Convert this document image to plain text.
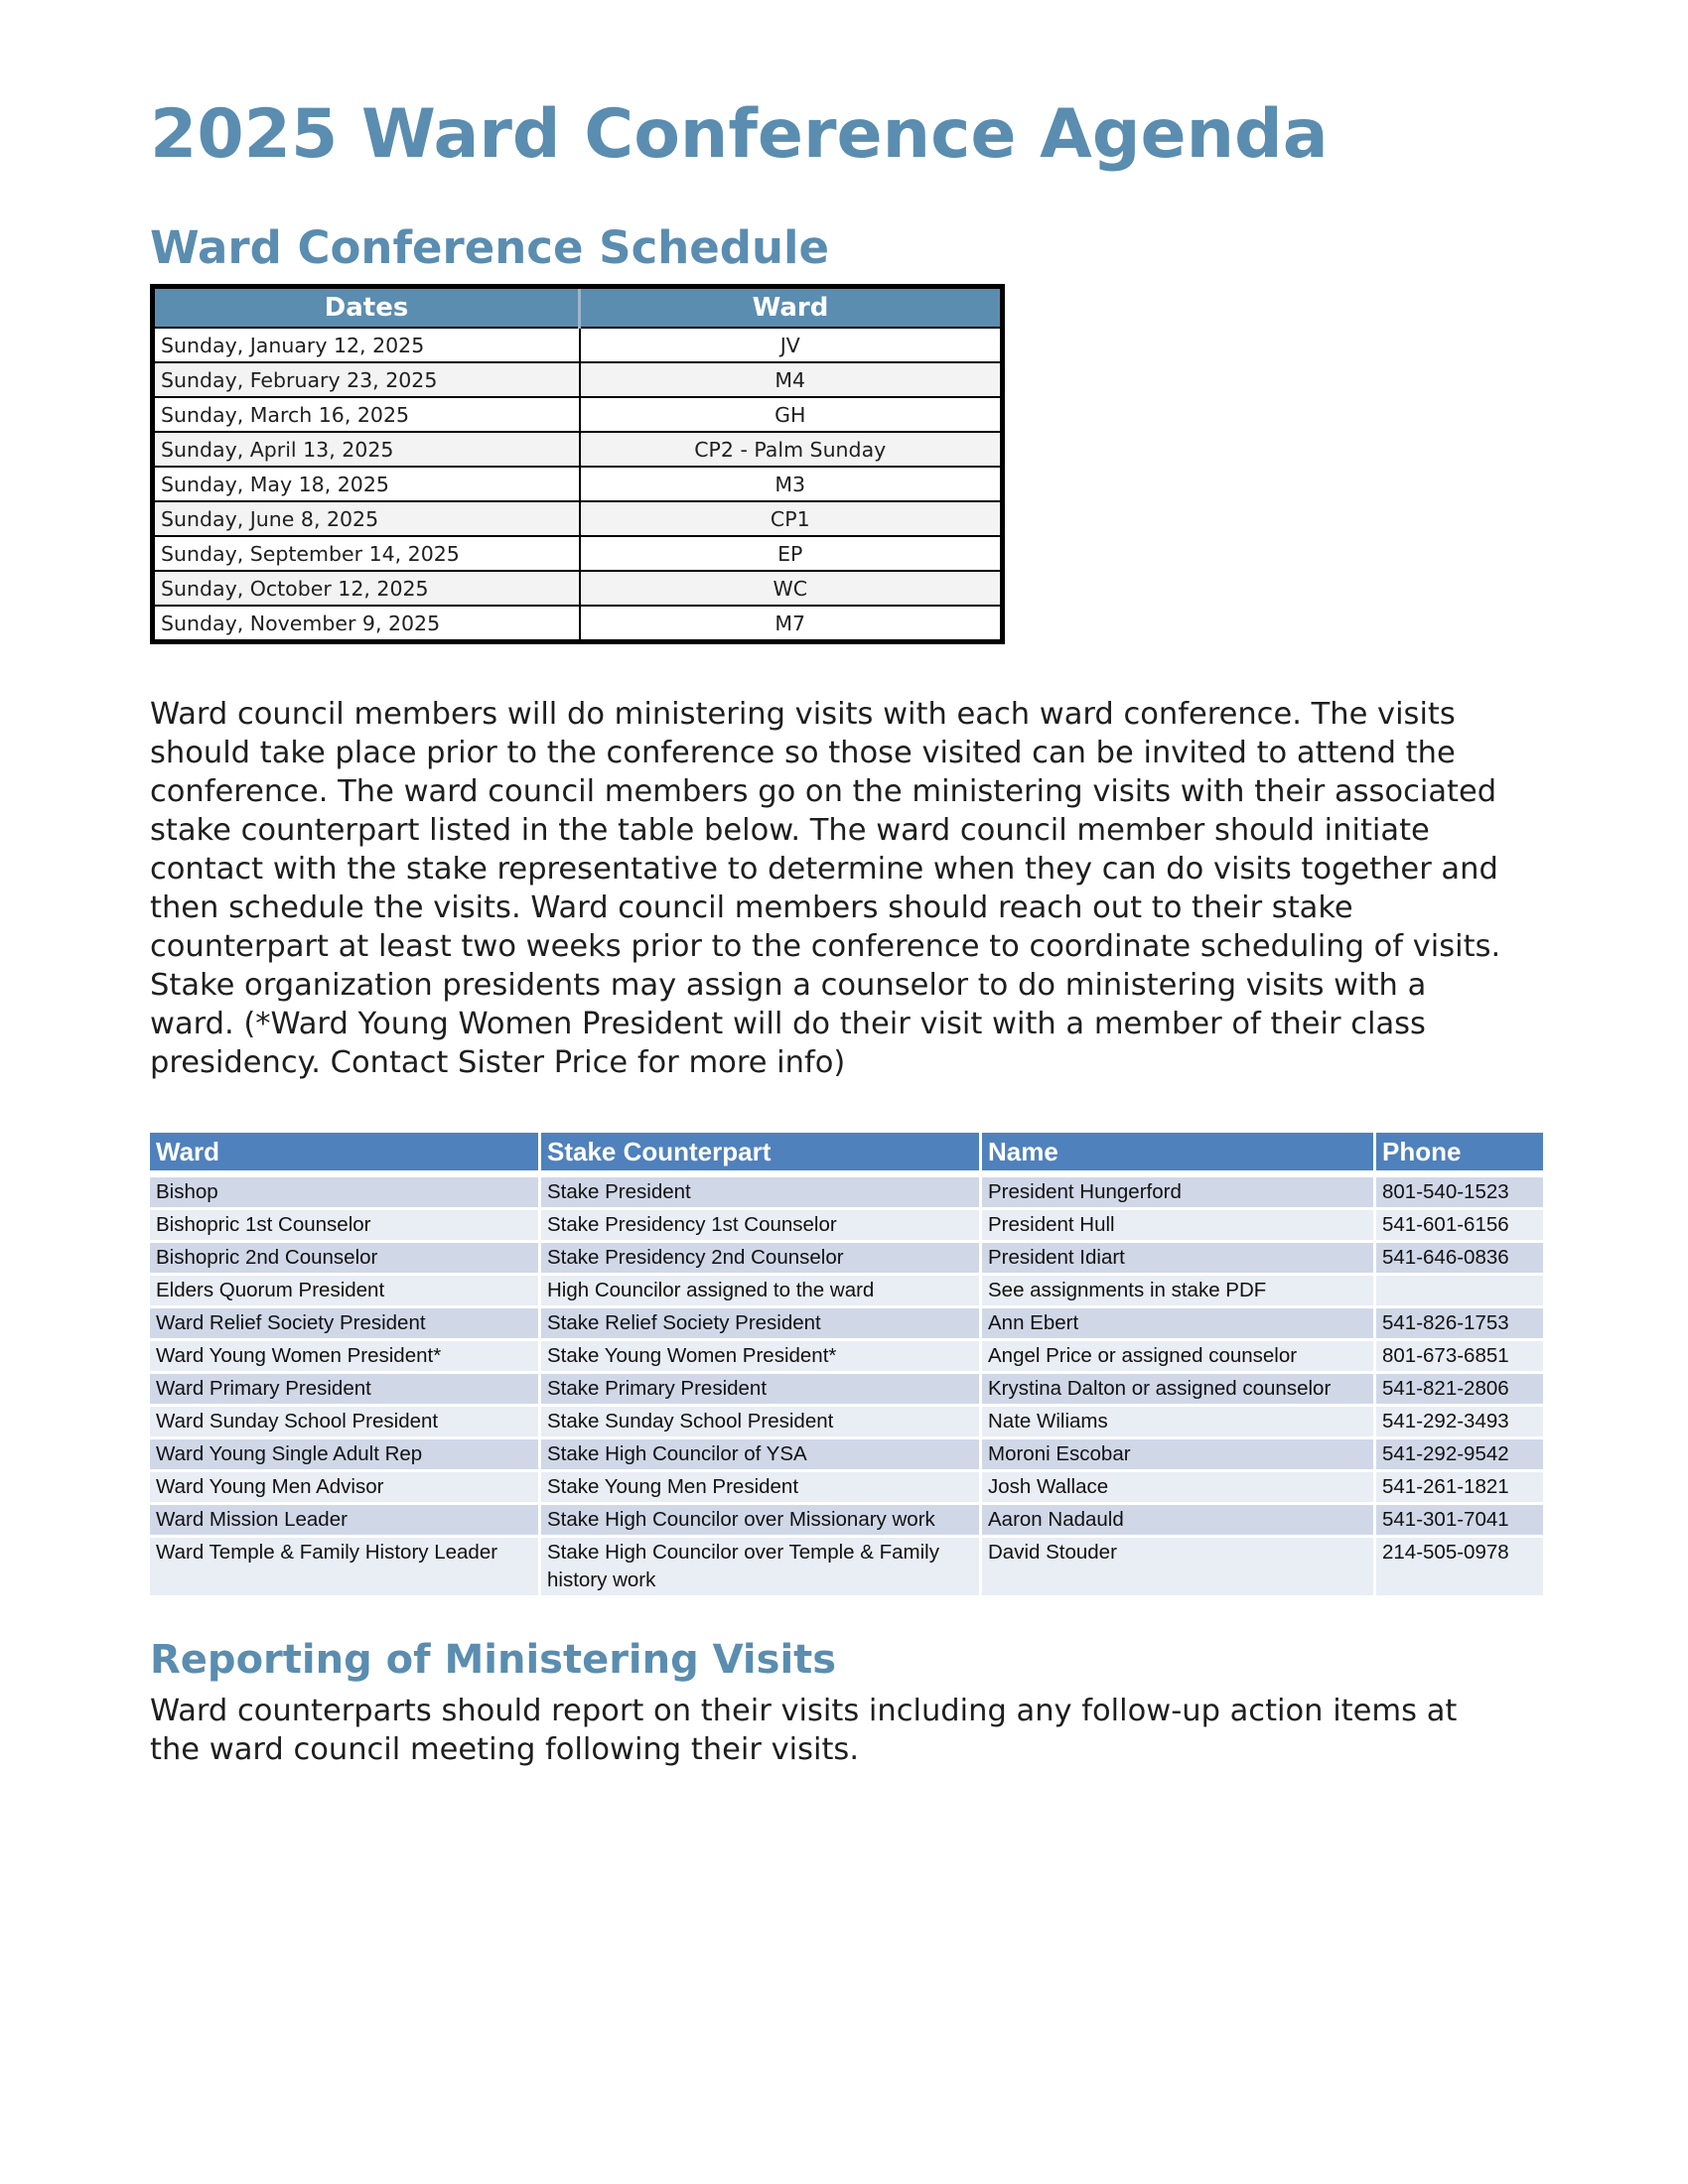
2025 Ward Conference Agenda
Ward Conference Schedule
Dates	Ward
Sunday, January 12, 2025	JV
Sunday, February 23, 2025	M4
Sunday, March 16, 2025	GH
Sunday, April 13, 2025	CP2 - Palm Sunday
Sunday, May 18, 2025	M3
Sunday, June 8, 2025	CP1
Sunday, September 14, 2025	EP
Sunday, October 12, 2025	WC
Sunday, November 9, 2025	M7

Ward council members will do ministering visits with each ward conference. The visits
should take place prior to the conference so those visited can be invited to attend the
conference. The ward council members go on the ministering visits with their associated
stake counterpart listed in the table below. The ward council member should initiate
contact with the stake representative to determine when they can do visits together and
then schedule the visits. Ward council members should reach out to their stake
counterpart at least two weeks prior to the conference to coordinate scheduling of visits.
Stake organization presidents may assign a counselor to do ministering visits with a
ward. (*Ward Young Women President will do their visit with a member of their class
presidency. Contact Sister Price for more info)

Ward	Stake Counterpart	Name	Phone

Bishop	Stake President	President Hungerford	801-540-1523
Bishopric 1st Counselor	Stake Presidency 1st Counselor	President Hull	541-601-6156
Bishopric 2nd Counselor	Stake Presidency 2nd Counselor	President Idiart	541-646-0836
Elders Quorum President	High Councilor assigned to the ward	See assignments in stake PDF	
Ward Relief Society President	Stake Relief Society President	Ann Ebert	541-826-1753
Ward Young Women President*	Stake Young Women President*	Angel Price or assigned counselor	801-673-6851
Ward Primary President	Stake Primary President	Krystina Dalton or assigned counselor	541-821-2806
Ward Sunday School President	Stake Sunday School President	Nate Wiliams	541-292-3493
Ward Young Single Adult Rep	Stake High Councilor of YSA	Moroni Escobar	541-292-9542
Ward Young Men Advisor	Stake Young Men President	Josh Wallace	541-261-1821
Ward Mission Leader	Stake High Councilor over Missionary work	Aaron Nadauld	541-301-7041
Ward Temple & Family History Leader	Stake High Councilor over Temple & Family history work	David Stouder	214-505-0978
Reporting of Ministering Visits

Ward counterparts should report on their visits including any follow-up action items at
the ward council meeting following their visits.
